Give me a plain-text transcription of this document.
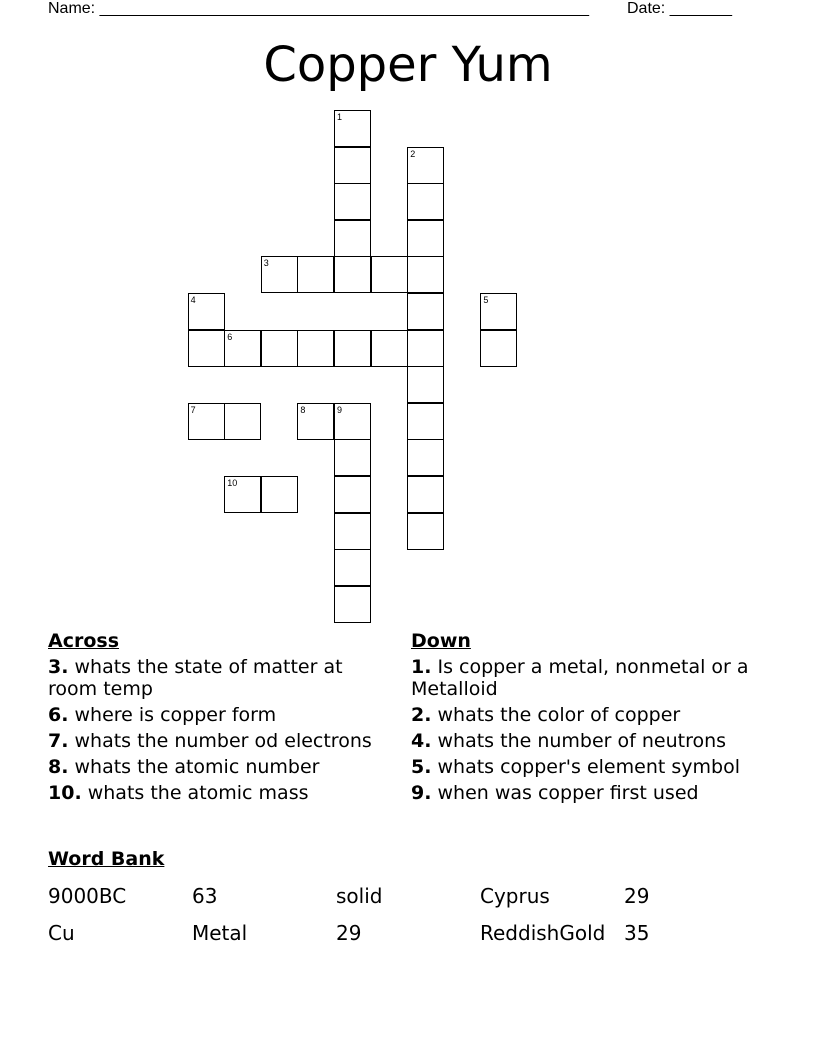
Name: _______________________________________________________ Date: _______
Copper Yum
1
2
3
4	5
6
7	8	9
10
Across
3. whats the state of matter at room temp
6. where is copper form
7. whats the number od electrons
8. whats the atomic number
10. whats the atomic mass
Down
1. Is copper a metal, nonmetal or a Metalloid
2. whats the color of copper
4. whats the number of neutrons
5. whats copper's element symbol
9. when was copper first used
Word Bank
9000BC	63	solid	Cyprus	29
Cu	Metal	29	ReddishGold 35
